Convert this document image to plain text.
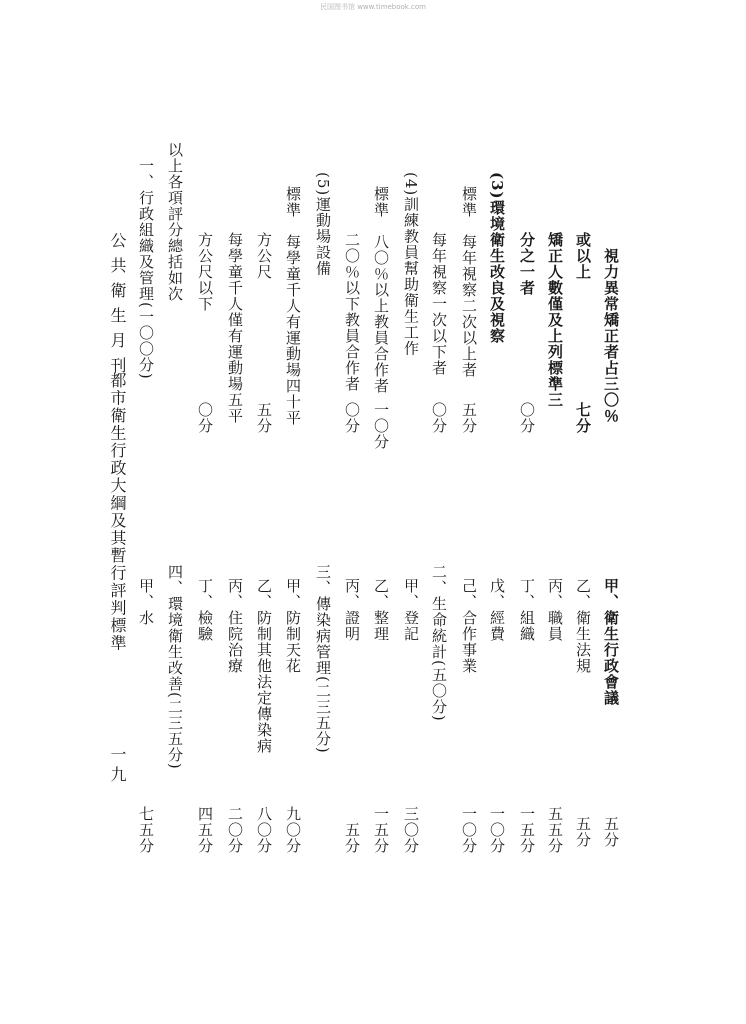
民国图书馆 www.timebook.com
視力異常矯正者占三〇％
或以上
七分
矯正人數僅及上列標準三
分之一者
〇分
(3)環境衛生改良及視察
標準　每年視察二次以上者
五分
每年視察一次以下者
〇分
(4)訓練教員幫助衛生工作
標準　八〇％以上教員合作者
一〇分
二〇％以下教員合作者
〇分
(5)運動場設備
標準　每學童千人有運動場四十平
方公尺
五分
每學童千人僅有運動場五平
方公尺以下
〇分
以上各項評分總括如次
一、行政組織及管理(一〇〇分)
甲、衛生行政會議
五分
乙、衛生法規
五分
丙、職員
五五分
丁、組織
一五分
戊、經費
一〇分
己、合作事業
一〇分
二、生命統計(五〇分)
甲、登記
三〇分
乙、整理
一五分
丙、證明
五分
三、傳染病管理(二三五分)
甲、防制天花
九〇分
乙、防制其他法定傳染病
八〇分
丙、住院治療
二〇分
丁、檢驗
四五分
四、環境衛生改善(二三五分)
甲、水
七五分
公共衛生月刊
都市衛生行政大綱及其暫行評判標準
一九
